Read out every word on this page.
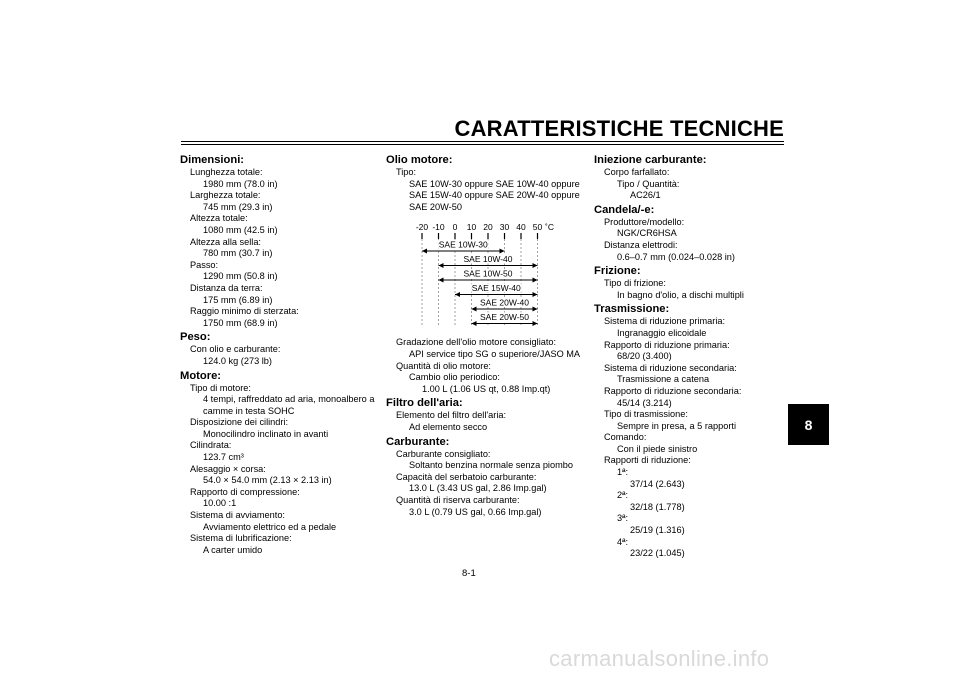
CARATTERISTICHE TECNICHE
Dimensioni:
Lunghezza totale:
1980 mm (78.0 in)
Larghezza totale:
745 mm (29.3 in)
Altezza totale:
1080 mm (42.5 in)
Altezza alla sella:
780 mm (30.7 in)
Passo:
1290 mm (50.8 in)
Distanza da terra:
175 mm (6.89 in)
Raggio minimo di sterzata:
1750 mm (68.9 in)
Peso:
Con olio e carburante:
124.0 kg (273 lb)
Motore:
Tipo di motore:
4 tempi, raffreddato ad aria, monoalbero a
camme in testa SOHC
Disposizione dei cilindri:
Monocilindro inclinato in avanti
Cilindrata:
123.7 cm³
Alesaggio × corsa:
54.0 × 54.0 mm (2.13 × 2.13 in)
Rapporto di compressione:
10.00 :1
Sistema di avviamento:
Avviamento elettrico ed a pedale
Sistema di lubrificazione:
A carter umido
Olio motore:
Tipo:
SAE 10W-30 oppure SAE 10W-40 oppure
SAE 15W-40 oppure SAE 20W-40 oppure
SAE 20W-50
-20 -10 0 10 20 30 40 50 ˚C
SAE 10W-30
SAE 10W-40
SAE 10W-50
SAE 15W-40
SAE 20W-40
SAE 20W-50
Gradazione dell'olio motore consigliato:
API service tipo SG o superiore/JASO MA
Quantità di olio motore:
Cambio olio periodico:
1.00 L (1.06 US qt, 0.88 Imp.qt)
Filtro dell'aria:
Elemento del filtro dell'aria:
Ad elemento secco
Carburante:
Carburante consigliato:
Soltanto benzina normale senza piombo
Capacità del serbatoio carburante:
13.0 L (3.43 US gal, 2.86 Imp.gal)
Quantità di riserva carburante:
3.0 L (0.79 US gal, 0.66 Imp.gal)
Iniezione carburante:
Corpo farfallato:
Tipo / Quantità:
AC26/1
Candela/-e:
Produttore/modello:
NGK/CR6HSA
Distanza elettrodi:
0.6–0.7 mm (0.024–0.028 in)
Frizione:
Tipo di frizione:
In bagno d'olio, a dischi multipli
Trasmissione:
Sistema di riduzione primaria:
Ingranaggio elicoidale
Rapporto di riduzione primaria:
68/20 (3.400)
Sistema di riduzione secondaria:
Trasmissione a catena
Rapporto di riduzione secondaria:
45/14 (3.214)
Tipo di trasmissione:
Sempre in presa, a 5 rapporti
Comando:
Con il piede sinistro
Rapporti di riduzione:
1ª:
37/14 (2.643)
2ª:
32/18 (1.778)
3ª:
25/19 (1.316)
4ª:
23/22 (1.045)
8-1
8
carmanualsonline.info
